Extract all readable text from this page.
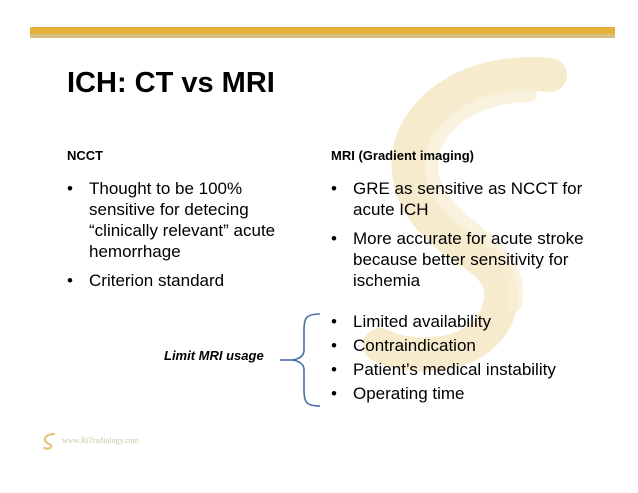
ICH: CT vs MRI
NCCT	MRI (Gradient imaging)
• Thought to be 100% sensitive for detecing “clinically relevant” acute hemorrhage
• Criterion standard
• GRE as sensitive as NCCT for acute ICH
• More accurate for acute stroke because better sensitivity for ischemia
• Limited availability
• Contraindication
• Patient’s medical instability
• Operating time
Limit MRI usage
www.RiTradiology.com
